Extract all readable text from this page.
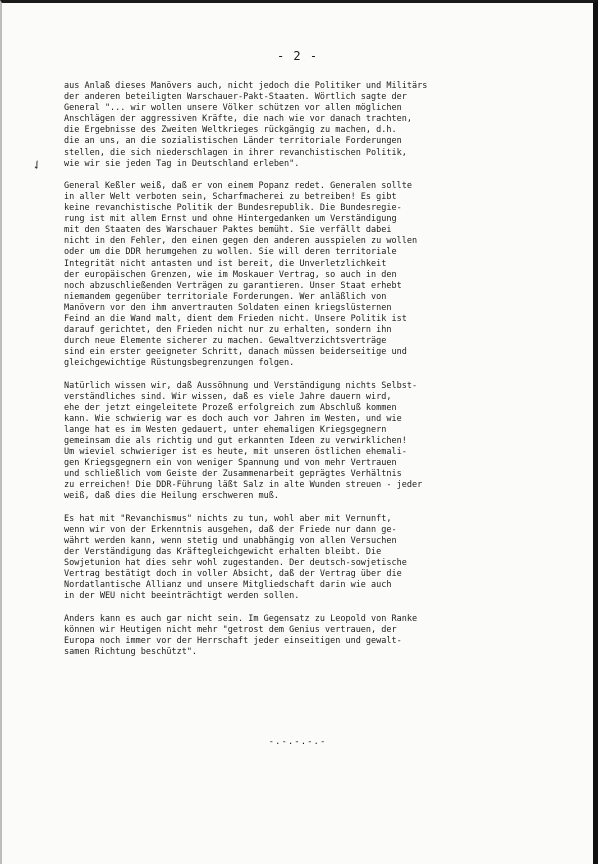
- 2 -
✓
aus Anlaß dieses Manövers auch, nicht jedoch die Politiker und Militärs
der anderen beteiligten Warschauer-Pakt-Staaten. Wörtlich sagte der
General "... wir wollen unsere Völker schützen vor allen möglichen
Anschlägen der aggressiven Kräfte, die nach wie vor danach trachten,
die Ergebnisse des Zweiten Weltkrieges rückgängig zu machen, d.h.
die an uns, an die sozialistischen Länder territoriale Forderungen
stellen, die sich niederschlagen in ihrer revanchistischen Politik,
wie wir sie jeden Tag in Deutschland erleben".
General Keßler weiß, daß er von einem Popanz redet. Generalen sollte
in aller Welt verboten sein, Scharfmacherei zu betreiben! Es gibt
keine revanchistische Politik der Bundesrepublik. Die Bundesregie-
rung ist mit allem Ernst und ohne Hintergedanken um Verständigung
mit den Staaten des Warschauer Paktes bemüht. Sie verfällt dabei
nicht in den Fehler, den einen gegen den anderen ausspielen zu wollen
oder um die DDR herumgehen zu wollen. Sie will deren territoriale
Integrität nicht antasten und ist bereit, die Unverletzlichkeit
der europäischen Grenzen, wie im Moskauer Vertrag, so auch in den
noch abzuschließenden Verträgen zu garantieren. Unser Staat erhebt
niemandem gegenüber territoriale Forderungen. Wer anläßlich von
Manövern vor den ihm anvertrauten Soldaten einen kriegslüsternen
Feind an die Wand malt, dient dem Frieden nicht. Unsere Politik ist
darauf gerichtet, den Frieden nicht nur zu erhalten, sondern ihn
durch neue Elemente sicherer zu machen. Gewaltverzichtsverträge
sind ein erster geeigneter Schritt, danach müssen beiderseitige und
gleichgewichtige Rüstungsbegrenzungen folgen.
Natürlich wissen wir, daß Aussöhnung und Verständigung nichts Selbst-
verständliches sind. Wir wissen, daß es viele Jahre dauern wird,
ehe der jetzt eingeleitete Prozeß erfolgreich zum Abschluß kommen
kann. Wie schwierig war es doch auch vor Jahren im Westen, und wie
lange hat es im Westen gedauert, unter ehemaligen Kriegsgegnern
gemeinsam die als richtig und gut erkannten Ideen zu verwirklichen!
Um wieviel schwieriger ist es heute, mit unseren östlichen ehemali-
gen Kriegsgegnern ein von weniger Spannung und von mehr Vertrauen
und schließlich vom Geiste der Zusammenarbeit geprägtes Verhältnis
zu erreichen! Die DDR-Führung läßt Salz in alte Wunden streuen - jeder
weiß, daß dies die Heilung erschweren muß.
Es hat mit "Revanchismus" nichts zu tun, wohl aber mit Vernunft,
wenn wir von der Erkenntnis ausgehen, daß der Friede nur dann ge-
währt werden kann, wenn stetig und unabhängig von allen Versuchen
der Verständigung das Kräftegleichgewicht erhalten bleibt. Die
Sowjetunion hat dies sehr wohl zugestanden. Der deutsch-sowjetische
Vertrag bestätigt doch in voller Absicht, daß der Vertrag über die
Nordatlantische Allianz und unsere Mitgliedschaft darin wie auch
in der WEU nicht beeinträchtigt werden sollen.
Anders kann es auch gar nicht sein. Im Gegensatz zu Leopold von Ranke
können wir Heutigen nicht mehr "getrost dem Genius vertrauen, der
Europa noch immer vor der Herrschaft jeder einseitigen und gewalt-
samen Richtung beschützt".
-.-.-.-.-
